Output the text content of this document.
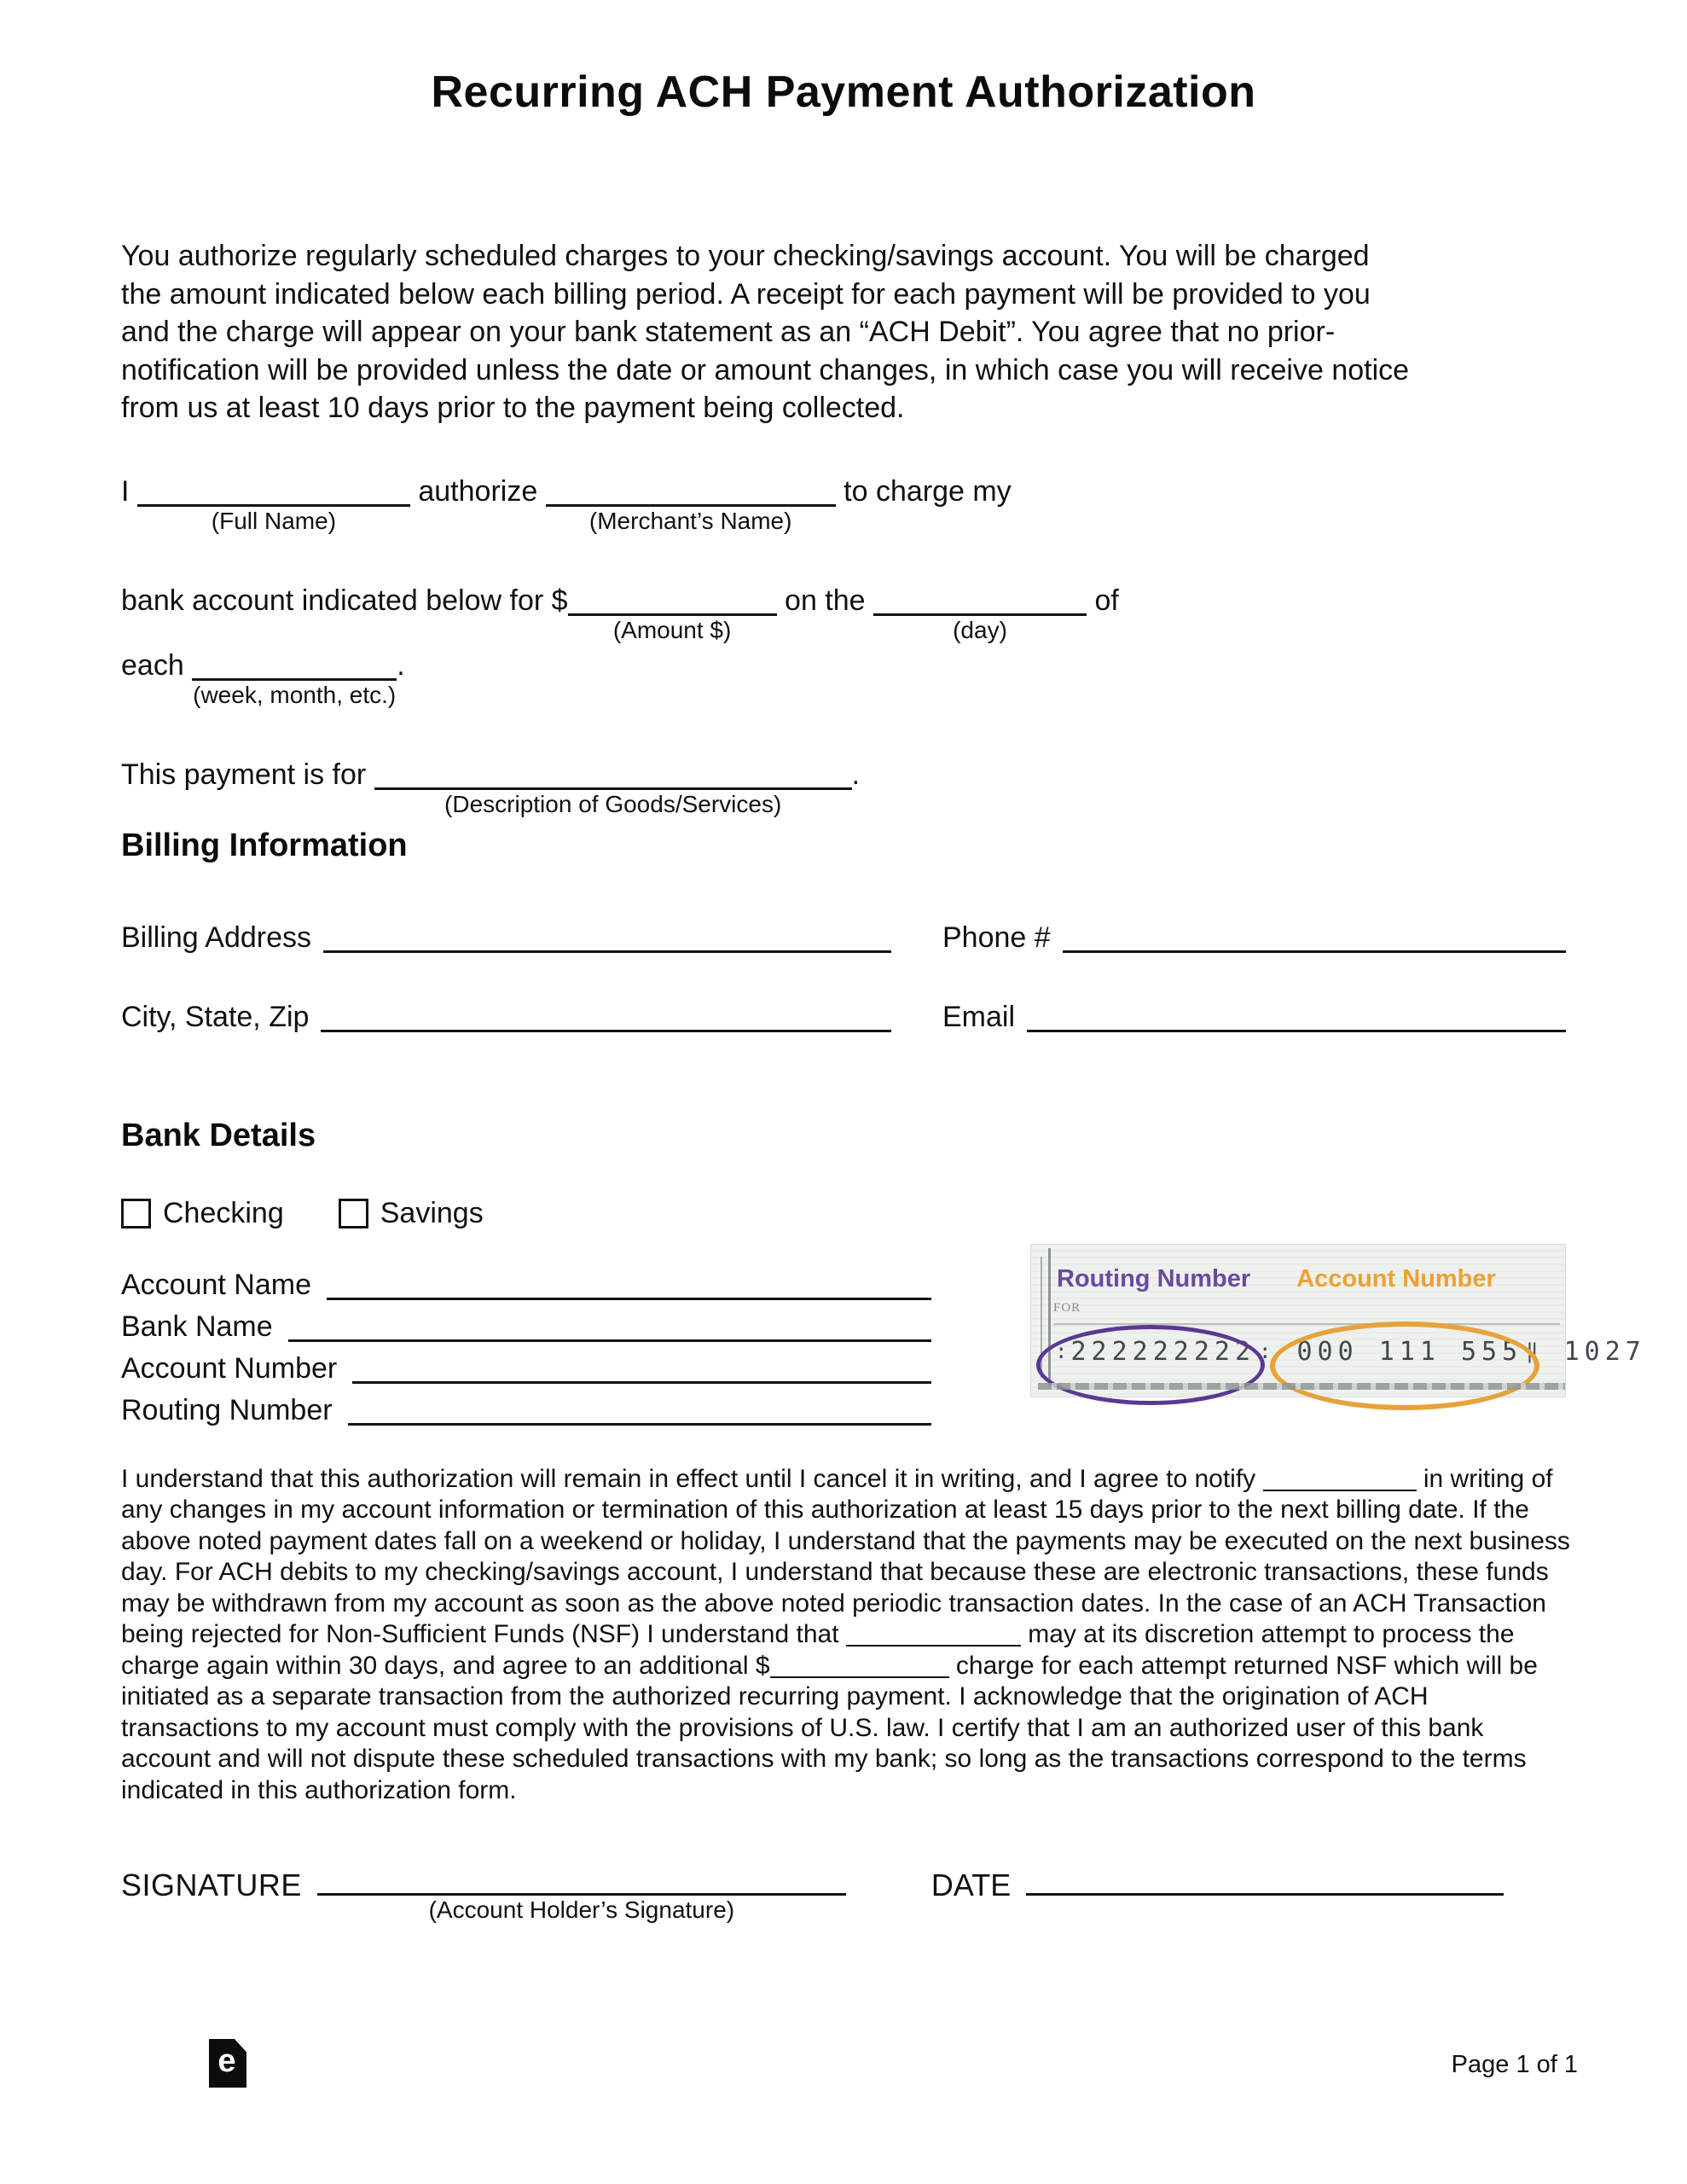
Recurring ACH Payment Authorization

You authorize regularly scheduled charges to your checking/savings account. You will be charged the amount indicated below each billing period. A receipt for each payment will be provided to you and the charge will appear on your bank statement as an “ACH Debit”. You agree that no prior-notification will be provided unless the date or amount changes, in which case you will receive notice from us at least 10 days prior to the payment being collected.

I
(Full Name)
authorize
(Merchant’s Name)
to charge my
bank account indicated below for $
(Amount $)
on the
(day)
of
each
(week, month, etc.)
.
This payment is for
(Description of Goods/Services)
.
Billing Information
Billing Address	Phone #
City, State, Zip	Email
Bank Details
Checking	Savings
Account Name
Bank Name
Account Number
Routing Number
Routing Number Account Number
FOR
: 222222222 : 000 111 555 ‖ 1027

I understand that this authorization will remain in effect until I cancel it in writing, and I agree to notify	in writing of any changes in my account information or termination of this authorization at least 15 days prior to the next billing date. If the above noted payment dates fall on a weekend or holiday, I understand that the payments may be executed on the next business day. For ACH debits to my checking/savings account, I understand that because these are electronic transactions, these funds may be withdrawn from my account as soon as the above noted periodic transaction dates. In the case of an ACH Transaction being rejected for Non-Sufficient Funds (NSF) I understand that	may at its discretion attempt to process the charge again within 30 days, and agree to an additional $	charge for each attempt returned NSF which will be initiated as a separate transaction from the authorized recurring payment. I acknowledge that the origination of ACH transactions to my account must comply with the provisions of U.S. law. I certify that I am an authorized user of this bank account and will not dispute these scheduled transactions with my bank; so long as the transactions correspond to the terms indicated in this authorization form.

SIGNATURE
(Account Holder’s Signature)
DATE
e	Page 1 of 1
